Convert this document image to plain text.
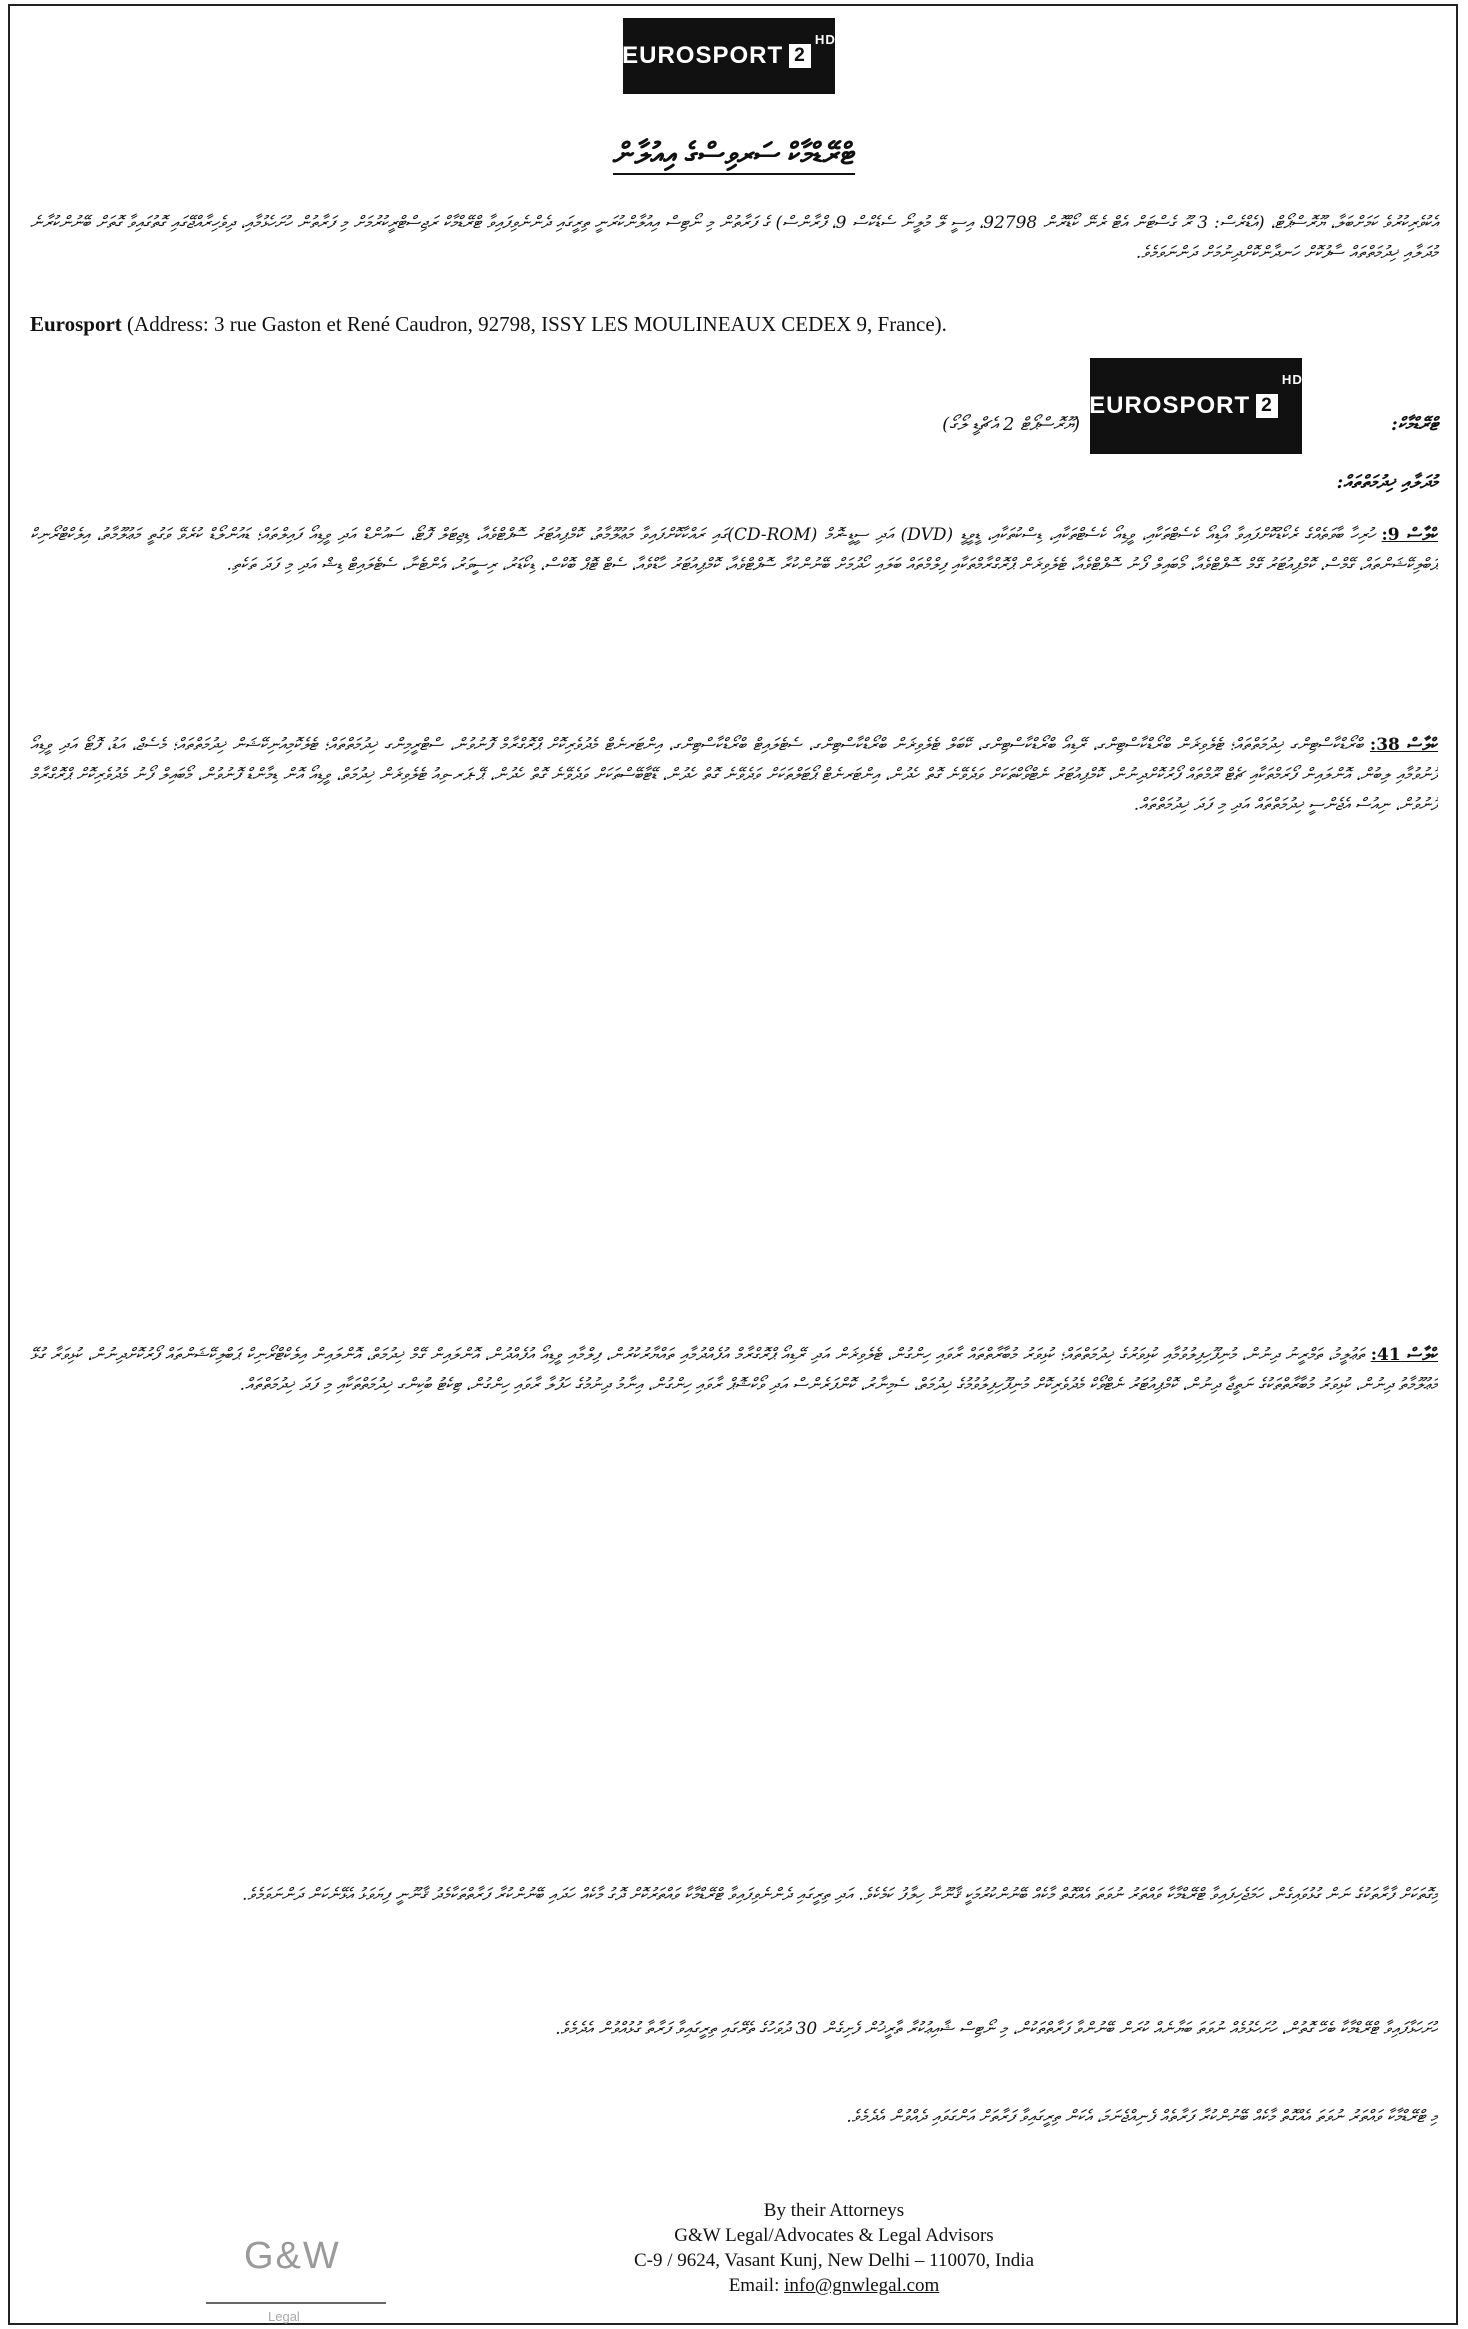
EUROSPORT 2
HD
ޓްރޭޑްމާކް ސަރވިސްގެ އިއުލާން
އެކުވެރިކުރުވެ ކަމަށްބަލާ، ޔޫރޮސްޕޯޓް، (އެޑްރެސް: 3 ރޫ ގެސްޓަން އެޓް ރެނޭ ކޯޑްރޮން 92798، އިސީ ލޭ މުލީނޯ ސެޑެކްސް 9، ފްރާންސް) ގެ ފަރާތުން މި ނޯޓިސް އިއުލާންކުރަނީ ތިރީގައި ދެންނެވިފައިވާ ޓްރޭޑްމާކް ރަޖިސްޓްރީކުރުމަށް މި ފަރާތުން ހުށަހެޅުމާއި، ދިވެހިރާއްޖޭގައި ގޮތުގައިވާ ގޮތަށް ބޭނުންކުރާނެ މުދަލާއި ޚިދުމަތްތައް ސާފުކޮށް ހަނދާންކޮށްދިނުމަށް ދަންނަވަމެވެ.
Eurosport (Address: 3 rue Gaston et René Caudron, 92798, ISSY LES MOULINEAUX CEDEX 9, France).
ޓްރޭޑްމާކް:
EUROSPORT 2
HD
(ޔޫރޮސްޕޯޓް 2 އެޗްޑީ ލޯގޯ)
މުދަލާއި ޚިދުމަތްތައް:
ކްލާސް 9: ހުރިހާ ބާވަތެއްގެ ރެކޯޑުކޮށްފައިވާ އޯޑިއޯ ކެސެޓްތަކާއި، ވީޑިއޯ ކެސެޓްތަކާއި، ޑިސްކުތަކާއި، ޑީވީޑީ (DVD) އަދި ސީޑީ-ރޮމް (CD-ROM)ގައި ރައްކާކޮށްފައިވާ މަޢުލޫމާތު، ކޮމްޕިއުޓަރު ސޮފްޓްވެއާ، ޑިޖިޓަލް ފޮޓޯ، ސައުންޑް އަދި ވީޑިއޯ ފައިލްތައް؛ ޑައުންލޯޑް ކުރެވޭ ވަގުތީ މަޢުލޫމާތު، އިލެކްޓްރޯނިކް ޕަބްލިކޭޝަންތައް، ގޭމްސް، ކޮމްޕިއުޓަރު ގޭމް ސޮފްޓްވެއާ، މޯބައިލް ފޯނު ސޮފްޓްވެއާ، ޓެލެވިޜަން ޕްރޮގްރާމްތަކާއި ފިލްމްތައް ބަލައި ހޯދުމަށް ބޭނުންކުރާ ސޮފްޓްވެއާ، ކޮމްޕިއުޓަރު ހާޑްވެއާ، ސެޓް ޓޮޕް ބޮކްސް، ޑިކޯޑަރު، ރިސީވަރު، އެންޓެނާ، ސެޓެލައިޓް ޑިޝް އަދި މި ފަދަ ތަކެތި.
ކްލާސް 38: ބްރޯޑްކާސްޓިންގ ޚިދުމަތްތައް؛ ޓެލެވިޜަން ބްރޯޑްކާސްޓިންގ، ރޭޑިއޯ ބްރޯޑްކާސްޓިންގ، ކޭބަލް ޓެލެވިޜަން ބްރޯޑްކާސްޓިންގ، ސެޓެލައިޓް ބްރޯޑްކާސްޓިންގ، އިންޓަރނެޓް މެދުވެރިކޮށް ޕްރޮގްރާމް ފޮނުވުން، ސްޓްރީމިންގ ޚިދުމަތްތައް؛ ޓެލެކޮމިއުނިކޭޝަން ޚިދުމަތްތައް؛ މެސެޖް، އަޑު، ފޮޓޯ އަދި ވީޑިއޯ ފޮނުވުމާއި ލިބުން، އޮންލައިން ފޯރަމްތަކާއި ޗެޓް ރޫމްތައް ފޯރުކޮށްދިނުން، ކޮމްޕިއުޓަރު ނެޓްވޯކްތަކަށް ވަދެވޭނެ ގޮތް ހެދުން، އިންޓަރނެޓް ޕޯޓަލްތަކަށް ވަދެވޭނެ ގޮތް ހެދުން، ޑޭޓާބޭސްތަކަށް ވަދެވޭނެ ގޮތް ހެދުން، ޕޭ-ޕަރ-ވިއު ޓެލެވިޜަން ޚިދުމަތް، ވީޑިއޯ އޮން ޑިމާންޑް ފޮނުވުން، މޯބައިލް ފޯނު މެދުވެރިކޮށް ޕްރޮގްރާމް ފޮނުވުން، ނިއުސް އެޖެންސީ ޚިދުމަތްތައް އަދި މި ފަދަ ޚިދުމަތްތައް.
ކްލާސް 41: ތަޢުލީމު، ތަމްރީނު ދިނުން، މުނިފޫހިފިލުވުމާއި ކުޅިވަރުގެ ޚިދުމަތްތައް؛ ކުޅިވަރު މުބާރާތްތައް ރާވައި ހިންގުން، ޓެލެވިޜަން އަދި ރޭޑިއޯ ޕްރޮގްރާމް އުފެއްދުމާއި ތައްޔާރުކުރުން، ފިލްމާއި ވީޑިއޯ އުފެއްދުން، އޮންލައިން ގޭމް ޚިދުމަތް، އޮންލައިން އިލެކްޓްރޯނިކް ޕަބްލިކޭޝަންތައް ފޯރުކޮށްދިނުން، ކުޅިވަރާ ގުޅޭ މަޢުލޫމާތު ދިނުން، ކުޅިވަރު މުބާރާތްތަކުގެ ނަތީޖާ ދިނުން، ކޮމްޕިއުޓަރު ނެޓްވޯކް މެދުވެރިކޮށް މުނިފޫހިފިލުވުމުގެ ޚިދުމަތް، ސެމިނާރު، ކޮންފަރެންސް އަދި ވޯކްޝޮޕް ރާވައި ހިންގުން، އިނާމު ދިނުމުގެ ހަފުލާ ރާވައި ހިންގުން، ޓިކެޓު ބުކިންގ ޚިދުމަތްތަކާއި މި ފަދަ ޚިދުމަތްތައް.
މިގޮތަކަށް ފާރާތަކުގެ ނަން ގުޅުވައިގެން، ހަމަޖެހިފައިވާ ޓްރޭޑްމާކާ ވައްތަރު ނުވަތަ އެއްގޮތް މާކެއް ބޭނުންކުރުމަކީ ޤާނޫނާ ހިލާފު ކަމެކެވެ. އަދި ތިރީގައި ދެންނެވިފައިވާ ޓްރޭޑްމާކާ ވައްތަރުކޮށް ދޮގު މާކެއް ހަދައި ބޭނުންކުރާ ފަރާތްތަކާމެދު ޤާނޫނީ ފިޔަވަޅު އެޅޭނެކަން ދަންނަވަމެވެ.
ހުށަހަޅާފައިވާ ޓްރޭޑްމާކާ ބެހޭ ގޮތުން، ހުށަހެޅުމެއް ނުވަތަ ބަޔާނެއް ކުރަން ބޭނުންވާ ފަރާތްތަކުން، މި ނޯޓިސް ޝާއިޢުކުރާ ތާރީޚުން ފެށިގެން 30 ދުވަހުގެ ތެރޭގައި ތިރީގައިވާ ފަރާތާ ގުޅުއްވުން އެދެމެވެ.
މި ޓްރޭޑްމާކާ ވައްތަރު ނުވަތަ އެއްގޮތް މާކެއް ބޭނުންކުރާ ފަރާތެއް ފެނިއްޖެނަމަ، އެކަން ތިރީގައިވާ ފަރާތަށް އަންގަވައި ދެއްވުން އެދެމެވެ.
By their Attorneys
G&W Legal/Advocates & Legal Advisors
C-9 / 9624, Vasant Kunj, New Delhi – 110070, India
Email: info@gnwlegal.com
G&W
Legal
